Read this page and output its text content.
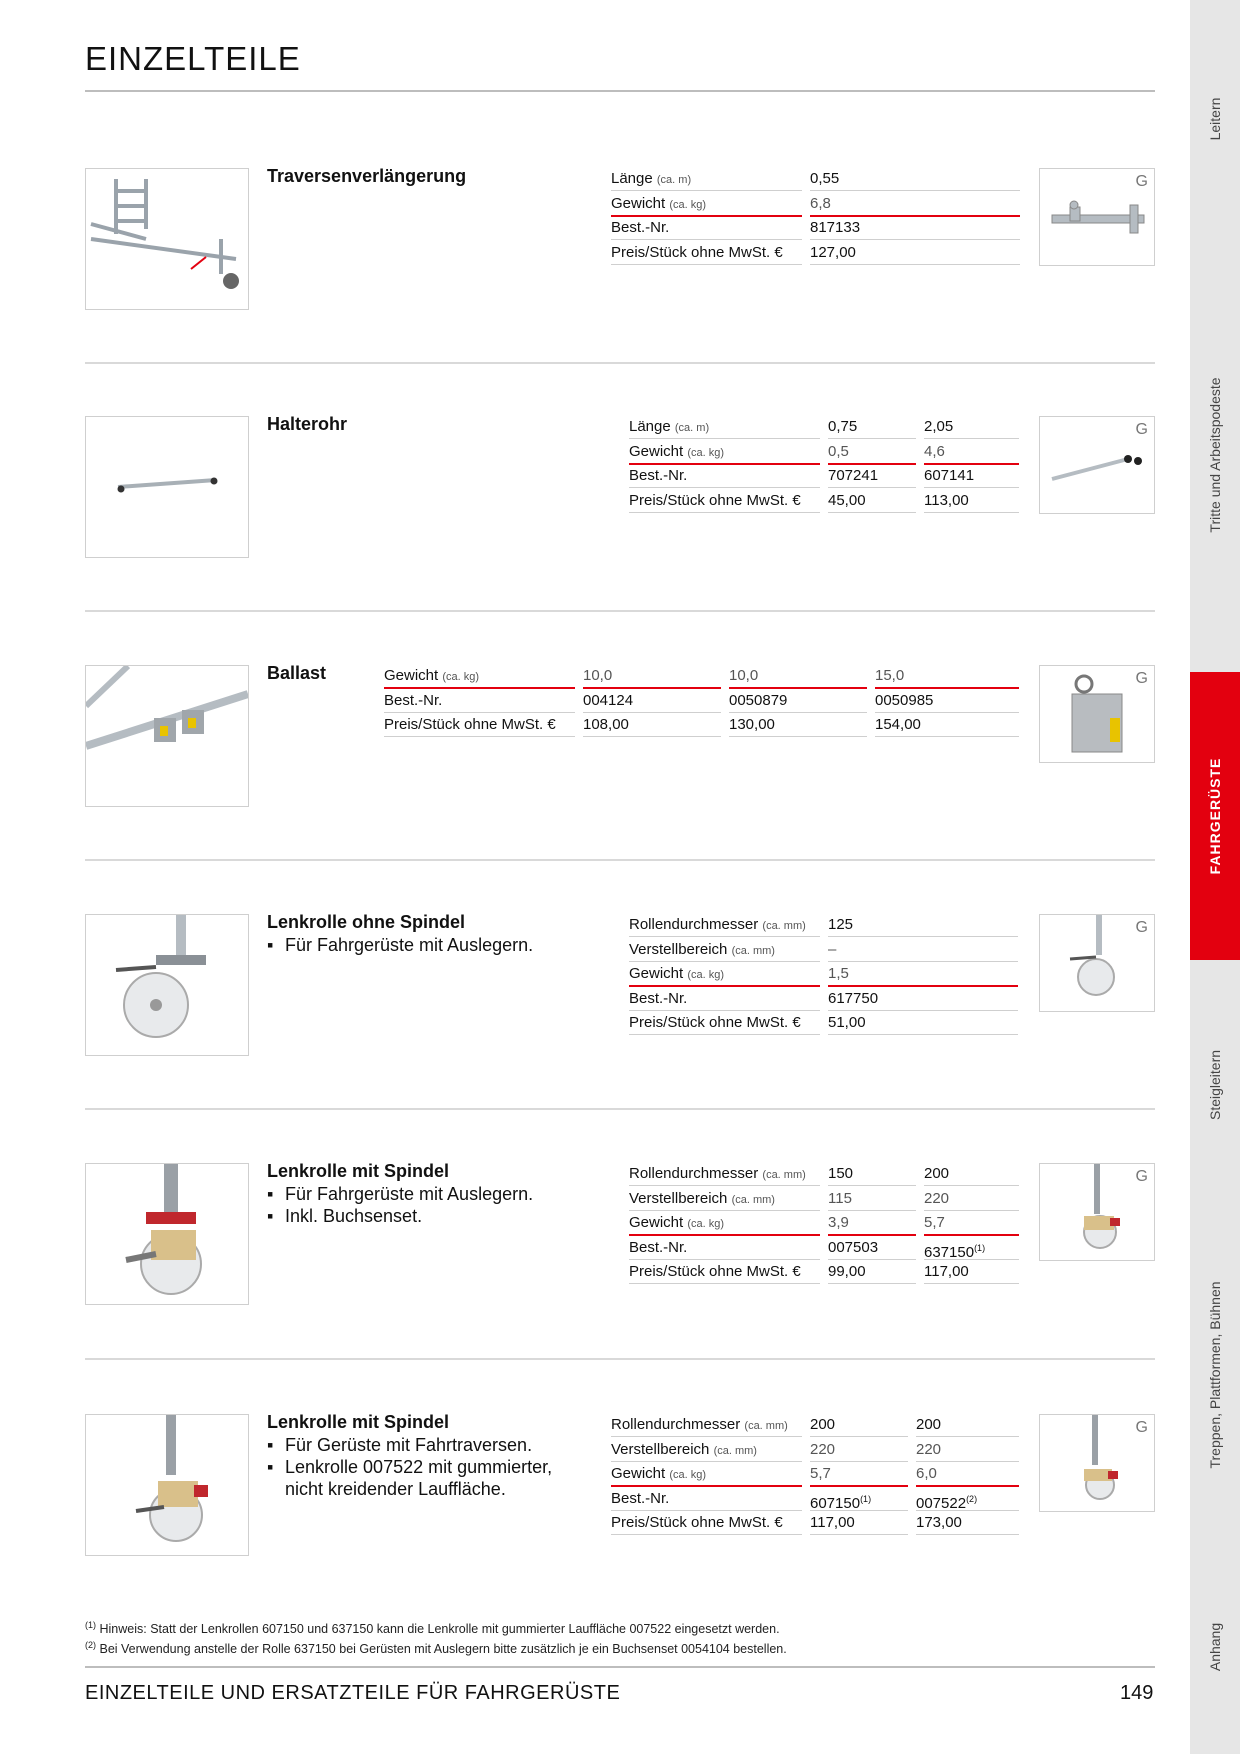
EINZELTEILE
Traversenverlängerung	Länge (ca. m)	0,55
Gewicht (ca. kg)	6,8
Best.-Nr.	817133
Preis/Stück ohne MwSt. €	127,00
G
Halterohr	Länge (ca. m)	0,75	2,05
Gewicht (ca. kg)	0,5	4,6
Best.-Nr.	707241	607141
Preis/Stück ohne MwSt. €	45,00	113,00
G
Ballast	Gewicht (ca. kg)	10,0	10,0	15,0
Best.-Nr.	004124	0050879	0050985
Preis/Stück ohne MwSt. €	108,00	130,00	154,00
G
Lenkrolle ohne Spindel
▪ Für Fahrgerüste mit Auslegern.
Rollendurchmesser (ca. mm)	125
Verstellbereich (ca. mm)	–
Gewicht (ca. kg)	1,5
Best.-Nr.	617750
Preis/Stück ohne MwSt. €	51,00
G
Lenkrolle mit Spindel
▪ Für Fahrgerüste mit Auslegern.
▪ Inkl. Buchsenset.
Rollendurchmesser (ca. mm)	150	200
Verstellbereich (ca. mm)	115	220
Gewicht (ca. kg)	3,9	5,7
Best.-Nr.	007503	637150$^{(1)}$
Preis/Stück ohne MwSt. €	99,00	117,00
G
Lenkrolle mit Spindel
▪ Für Gerüste mit Fahrtraversen.
▪ Lenkrolle 007522 mit gummierter, nicht kreidender Lauffläche.
Rollendurchmesser (ca. mm)	200	200
Verstellbereich (ca. mm)	220	220
Gewicht (ca. kg)	5,7	6,0
Best.-Nr.	607150$^{(1)}$	007522$^{(2)}$
Preis/Stück ohne MwSt. €	117,00	173,00
G
$^{(1)}$ Hinweis: Statt der Lenkrollen 607150 und 637150 kann die Lenkrolle mit gummierter Lauffläche 007522 eingesetzt werden.
$^{(2)}$ Bei Verwendung anstelle der Rolle 637150 bei Gerüsten mit Auslegern bitte zusätzlich je ein Buchsenset 0054104 bestellen.
EINZELTEILE UND ERSATZTEILE FÜR FAHRGERÜSTE	149
Leitern
Tritte und Arbeitspodeste
FAHRGERÜSTE
Steigleitern
Treppen, Plattformen, Bühnen
Anhang
